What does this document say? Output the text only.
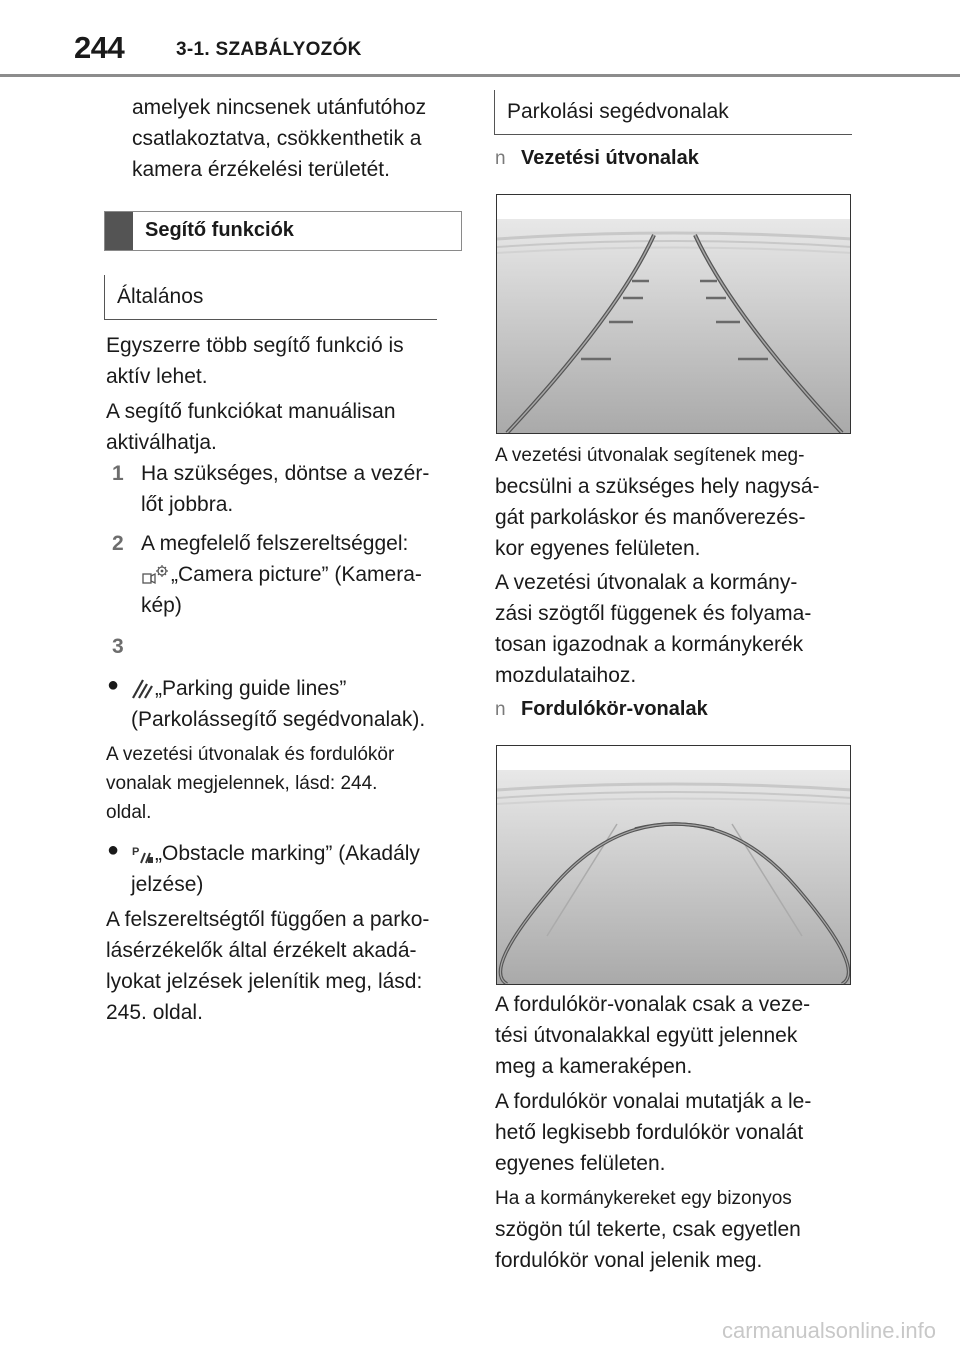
244	3-1. SZABÁLYOZÓK
amelyek nincsenek utánfutóhoz
csatlakoztatva, csökkenthetik a
kamera érzékelési területét.
Segítő funkciók
Általános
Egyszerre több segítő funkció is
aktív lehet.
A segítő funkciókat manuálisan
aktiválhatja.
1 Ha szükséges, döntse a vezér-
lőt jobbra.
2 A megfelelő felszereltséggel:
„Camera picture” (Kamera-
kép)
3
●	„Parking guide lines”
(Parkolássegítő segédvonalak).
A vezetési útvonalak és fordulókör
vonalak megjelennek, lásd: 244.
oldal.
● P „Obstacle marking” (Akadály
jelzése)
A felszereltségtől függően a parko-
lásérzékelők által érzékelt akadá-
lyokat jelzések jelenítik meg, lásd:
245. oldal.
Parkolási segédvonalak
n Vezetési útvonalak
A vezetési útvonalak segítenek meg-
becsülni a szükséges hely nagysá-
gát parkoláskor és manőverezés-
kor egyenes felületen.
A vezetési útvonalak a kormány-
zási szögtől függenek és folyama-
tosan igazodnak a kormánykerék
mozdulataihoz.
n Fordulókör-vonalak
A fordulókör-vonalak csak a veze-
tési útvonalakkal együtt jelennek
meg a kameraképen.
A fordulókör vonalai mutatják a le-
hető legkisebb fordulókör vonalát
egyenes felületen.
Ha a kormánykereket egy bizonyos
szögön túl tekerte, csak egyetlen
fordulókör vonal jelenik meg.
carmanualsonline.info
